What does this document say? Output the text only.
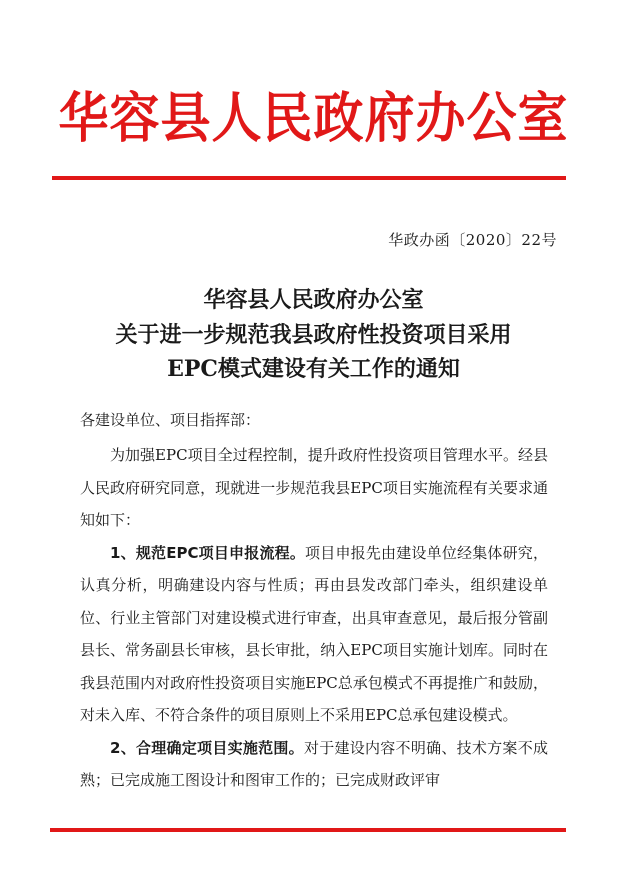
华容县人民政府办公室
华政办函〔2020〕22号
华容县人民政府办公室
关于进一步规范我县政府性投资项目采用
EPC模式建设有关工作的通知
各建设单位、项目指挥部：

为加强EPC项目全过程控制，提升政府性投资项目管理水平。经县人民政府研究同意，现就进一步规范我县EPC项目实施流程有关要求通知如下：

1、规范EPC项目申报流程。项目申报先由建设单位经集体研究，认真分析，明确建设内容与性质；再由县发改部门牵头，组织建设单位、行业主管部门对建设模式进行审查，出具审查意见，最后报分管副县长、常务副县长审核，县长审批，纳入EPC项目实施计划库。同时在我县范围内对政府性投资项目实施EPC总承包模式不再提推广和鼓励，对未入库、不符合条件的项目原则上不采用EPC总承包建设模式。

2、合理确定项目实施范围。对于建设内容不明确、技术方案不成熟；已完成施工图设计和图审工作的；已完成财政评审
